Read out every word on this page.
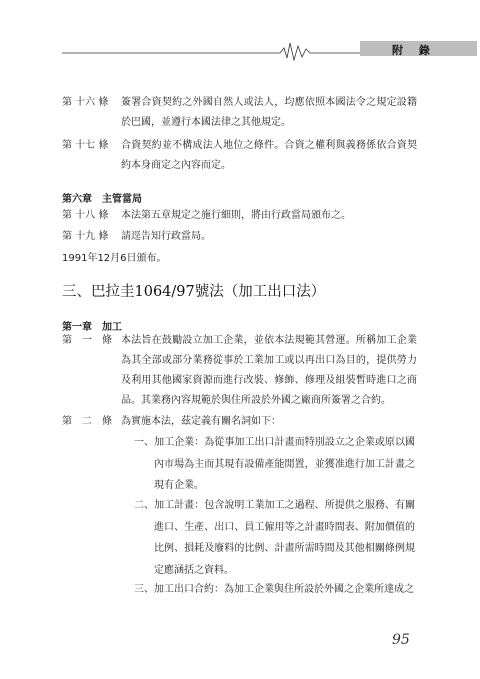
附 錄
第 十六 條	簽署合資契約之外國自然人或法人，均應依照本國法令之規定設籍於巴國，並遵行本國法律之其他規定。
第 十七 條	合資契約並不構成法人地位之條件。合資之權利與義務係依合資契約本身商定之內容而定。
第六章　主管當局
第 十八 條	本法第五章規定之施行細則，將由行政當局頒布之。
第 十九 條	請逕告知行政當局。
1991年12月6日頒布。
三、巴拉圭1064/97號法（加工出口法）
第一章　加工
第　一　條 本法旨在鼓勵設立加工企業，並依本法規範其營運。所稱加工企業為其全部或部分業務從事於工業加工或以再出口為目的，提供勞力及利用其他國家資源而進行改裝、修飾、修理及組裝暫時進口之商品。其業務內容規範於與住所設於外國之廠商所簽署之合約。
第　二　條 為實施本法，茲定義有關名詞如下：
一、加工企業：為從事加工出口計畫而特別設立之企業或原以國內市場為主而其現有設備產能閒置，並獲准進行加工計畫之現有企業。
二、加工計畫：包含說明工業加工之過程、所提供之服務、有關進口、生產、出口、員工僱用等之計畫時間表、附加價值的比例、損耗及廢料的比例、計畫所需時間及其他相關條例規定應涵括之資料。
三、加工出口合約：為加工企業與住所設於外國之企業所達成之
95
